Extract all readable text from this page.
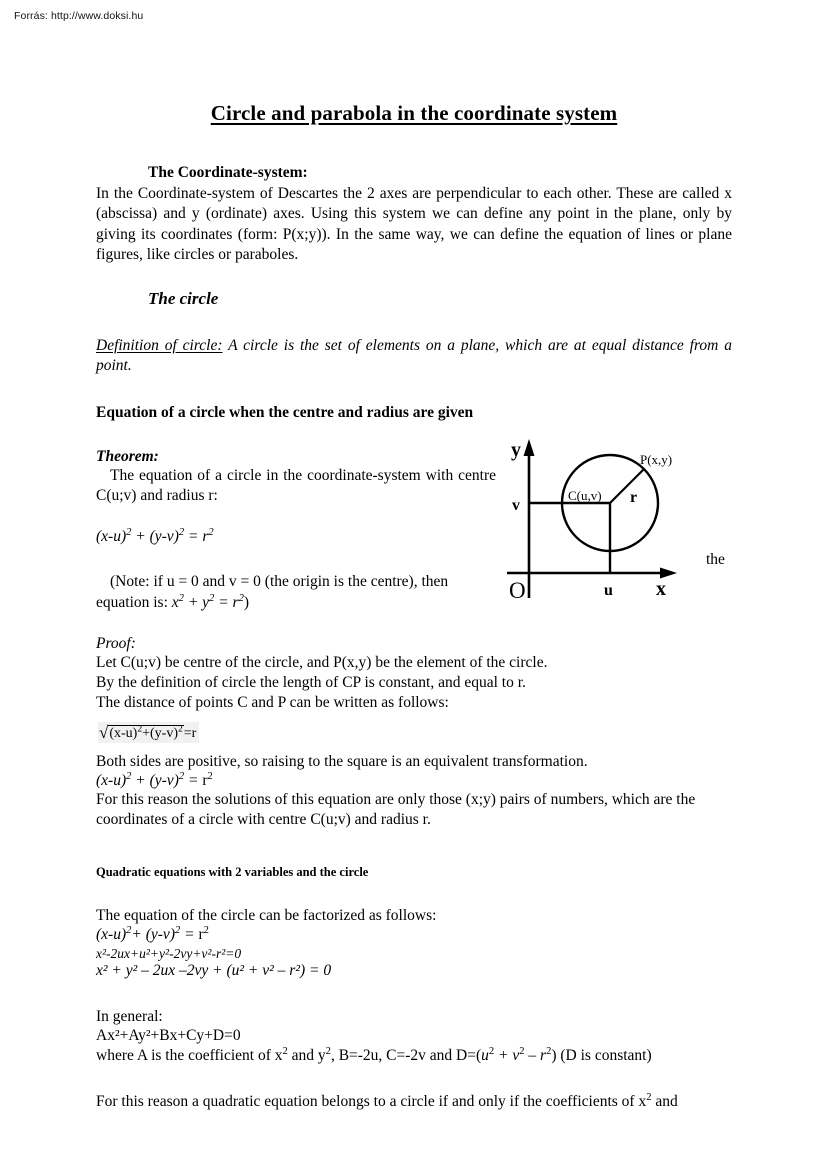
Forrás: http://www.doksi.hu
Circle and parabola in the coordinate system
The Coordinate-system:

In the Coordinate-system of Descartes the 2 axes are perpendicular to each other. These are called x (abscissa) and y (ordinate) axes. Using this system we can define any point in the plane, only by giving its coordinates (form: P(x;y)). In the same way, we can define the equation of lines or plane figures, like circles or paraboles.

The circle

Definition of circle: A circle is the set of elements on a plane, which are at equal distance from a point.

Equation of a circle when the centre and radius are given
Theorem:

The equation of a circle in the coordinate-system with centre C(u;v) and radius r:

$(x-u)^2 + (y-v)^2 = r^2$

(Note: if u = 0 and v = 0 (the origin is the centre), then
equation is: $x^2 + y^2 = r^2$)

Proof:

Let C(u;v) be centre of the circle, and P(x,y) be the element of the circle.

By the definition of circle the length of CP is constant, and equal to r.

The distance of points C and P can be written as follows:

$√(x-u)^2+(y-v)^2=r$

Both sides are positive, so raising to the square is an equivalent transformation.

$(x-u)^2 + (y-v)^2 = r^2$

For this reason the solutions of this equation are only those (x;y) pairs of numbers, which are the coordinates of a circle with centre C(u;v) and radius r.

Quadratic equations with 2 variables and the circle

The equation of the circle can be factorized as follows:

$(x-u)^2+ (y-v)^2 = r^2$
x²-2ux+u²+y²-2vy+v²-r²=0
x² + y² – 2ux –2vy + (u² + v² – r²) = 0

In general:

Ax²+Ay²+Bx+Cy+D=0

where A is the coefficient of $x^2$ and $y^2$, B=-2u, C=-2v and $D=(u^2 + v^2 - r^2)$ (D is constant)

For this reason a quadratic equation belongs to a circle if and only if the coefficients of $x^2$ and

the
y
x
O	u
v
C(u,v) r
P(x,y)
